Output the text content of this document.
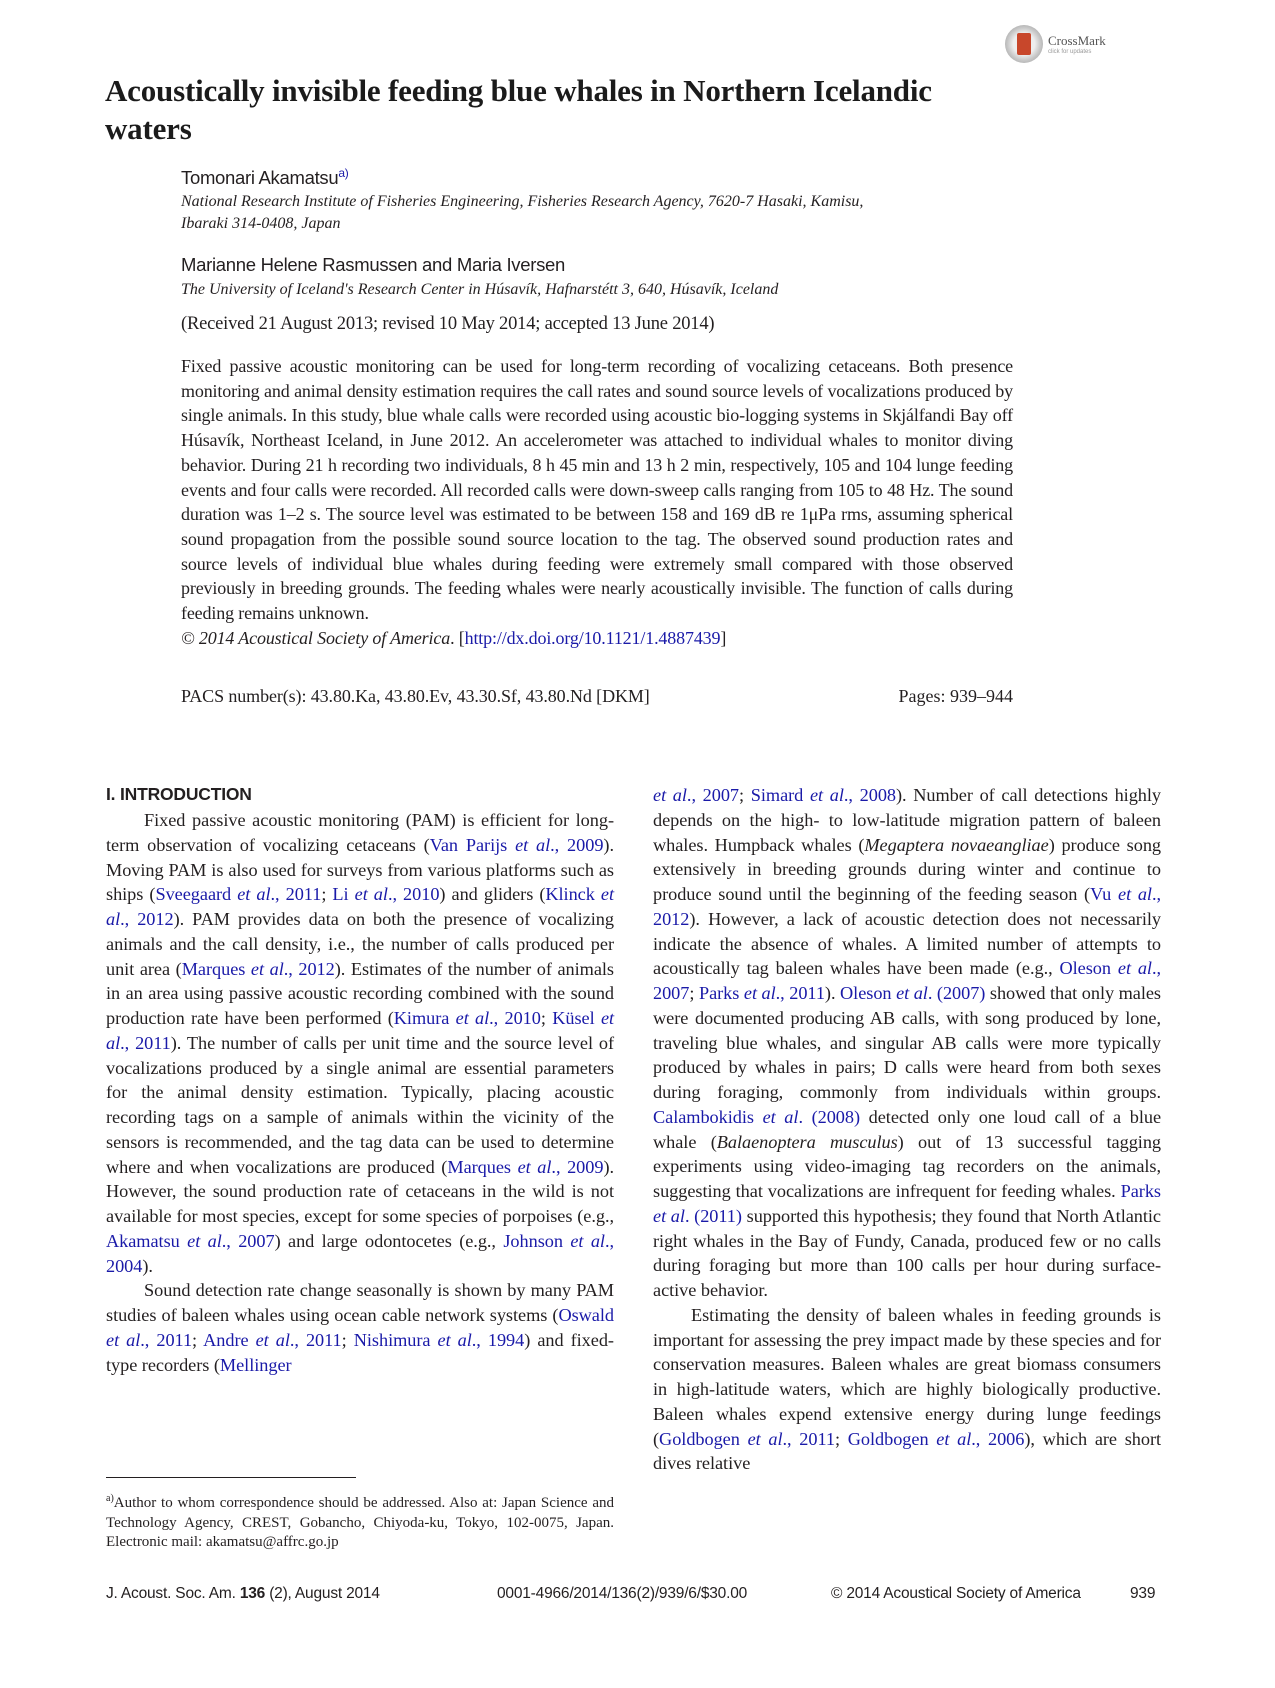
CrossMark
click for updates
Acoustically invisible feeding blue whales in Northern Icelandic
waters
Tomonari Akamatsu$^{a)}$
National Research Institute of Fisheries Engineering, Fisheries Research Agency, 7620-7 Hasaki, Kamisu,
Ibaraki 314-0408, Japan
Marianne Helene Rasmussen and Maria Iversen
The University of Iceland's Research Center in Húsavík, Hafnarstétt 3, 640, Húsavík, Iceland
(Received 21 August 2013; revised 10 May 2014; accepted 13 June 2014)
Fixed passive acoustic monitoring can be used for long-term recording of vocalizing cetaceans. Both presence monitoring and animal density estimation requires the call rates and sound source levels of vocalizations produced by single animals. In this study, blue whale calls were recorded using acoustic bio-logging systems in Skjálfandi Bay off Húsavík, Northeast Iceland, in June 2012. An accelerometer was attached to individual whales to monitor diving behavior. During 21 h recording two individuals, 8 h 45 min and 13 h 2 min, respectively, 105 and 104 lunge feeding events and four calls were recorded. All recorded calls were down-sweep calls ranging from 105 to 48 Hz. The sound duration was 1–2 s. The source level was estimated to be between 158 and 169 dB re 1μPa rms, assuming spherical sound propagation from the possible sound source location to the tag. The observed sound production rates and source levels of individual blue whales during feeding were extremely small compared with those observed previously in breeding grounds. The feeding whales were nearly acoustically invisible. The function of calls during feeding remains unknown.
© 2014 Acoustical Society of America. [http://dx.doi.org/10.1121/1.4887439]
PACS number(s): 43.80.Ka, 43.80.Ev, 43.30.Sf, 43.80.Nd [DKM]	Pages: 939–944
I. INTRODUCTION

Fixed passive acoustic monitoring (PAM) is efficient for long-term observation of vocalizing cetaceans (Van Parijs et al., 2009). Moving PAM is also used for surveys from various platforms such as ships (Sveegaard et al., 2011; Li et al., 2010) and gliders (Klinck et al., 2012). PAM provides data on both the presence of vocalizing animals and the call density, i.e., the number of calls produced per unit area (Marques et al., 2012). Estimates of the number of animals in an area using passive acoustic recording combined with the sound production rate have been performed (Kimura et al., 2010; Küsel et al., 2011). The number of calls per unit time and the source level of vocalizations produced by a single animal are essential parameters for the animal density estimation. Typically, placing acoustic recording tags on a sample of animals within the vicinity of the sensors is recommended, and the tag data can be used to determine where and when vocalizations are produced (Marques et al., 2009). However, the sound production rate of cetaceans in the wild is not available for most species, except for some species of porpoises (e.g., Akamatsu et al., 2007) and large odontocetes (e.g., Johnson et al., 2004).

Sound detection rate change seasonally is shown by many PAM studies of baleen whales using ocean cable network systems (Oswald et al., 2011; Andre et al., 2011; Nishimura et al., 1994) and fixed-type recorders (Mellinger

et al., 2007; Simard et al., 2008). Number of call detections highly depends on the high- to low-latitude migration pattern of baleen whales. Humpback whales (Megaptera novaeangliae) produce song extensively in breeding grounds during winter and continue to produce sound until the beginning of the feeding season (Vu et al., 2012). However, a lack of acoustic detection does not necessarily indicate the absence of whales. A limited number of attempts to acoustically tag baleen whales have been made (e.g., Oleson et al., 2007; Parks et al., 2011). Oleson et al. (2007) showed that only males were documented producing AB calls, with song produced by lone, traveling blue whales, and singular AB calls were more typically produced by whales in pairs; D calls were heard from both sexes during foraging, commonly from individuals within groups. Calambokidis et al. (2008) detected only one loud call of a blue whale (Balaenoptera musculus) out of 13 successful tagging experiments using video-imaging tag recorders on the animals, suggesting that vocalizations are infrequent for feeding whales. Parks et al. (2011) supported this hypothesis; they found that North Atlantic right whales in the Bay of Fundy, Canada, produced few or no calls during foraging but more than 100 calls per hour during surface-active behavior.

Estimating the density of baleen whales in feeding grounds is important for assessing the prey impact made by these species and for conservation measures. Baleen whales are great biomass consumers in high-latitude waters, which are highly biologically productive. Baleen whales expend extensive energy during lunge feedings (Goldbogen et al., 2011; Goldbogen et al., 2006), which are short dives relative

$^{a)}$Author to whom correspondence should be addressed. Also at: Japan Science and Technology Agency, CREST, Gobancho, Chiyoda-ku, Tokyo, 102-0075, Japan. Electronic mail: akamatsu@affrc.go.jp
J. Acoust. Soc. Am. 136 (2), August 2014	0001-4966/2014/136(2)/939/6/$30.00	© 2014 Acoustical Society of America	939
